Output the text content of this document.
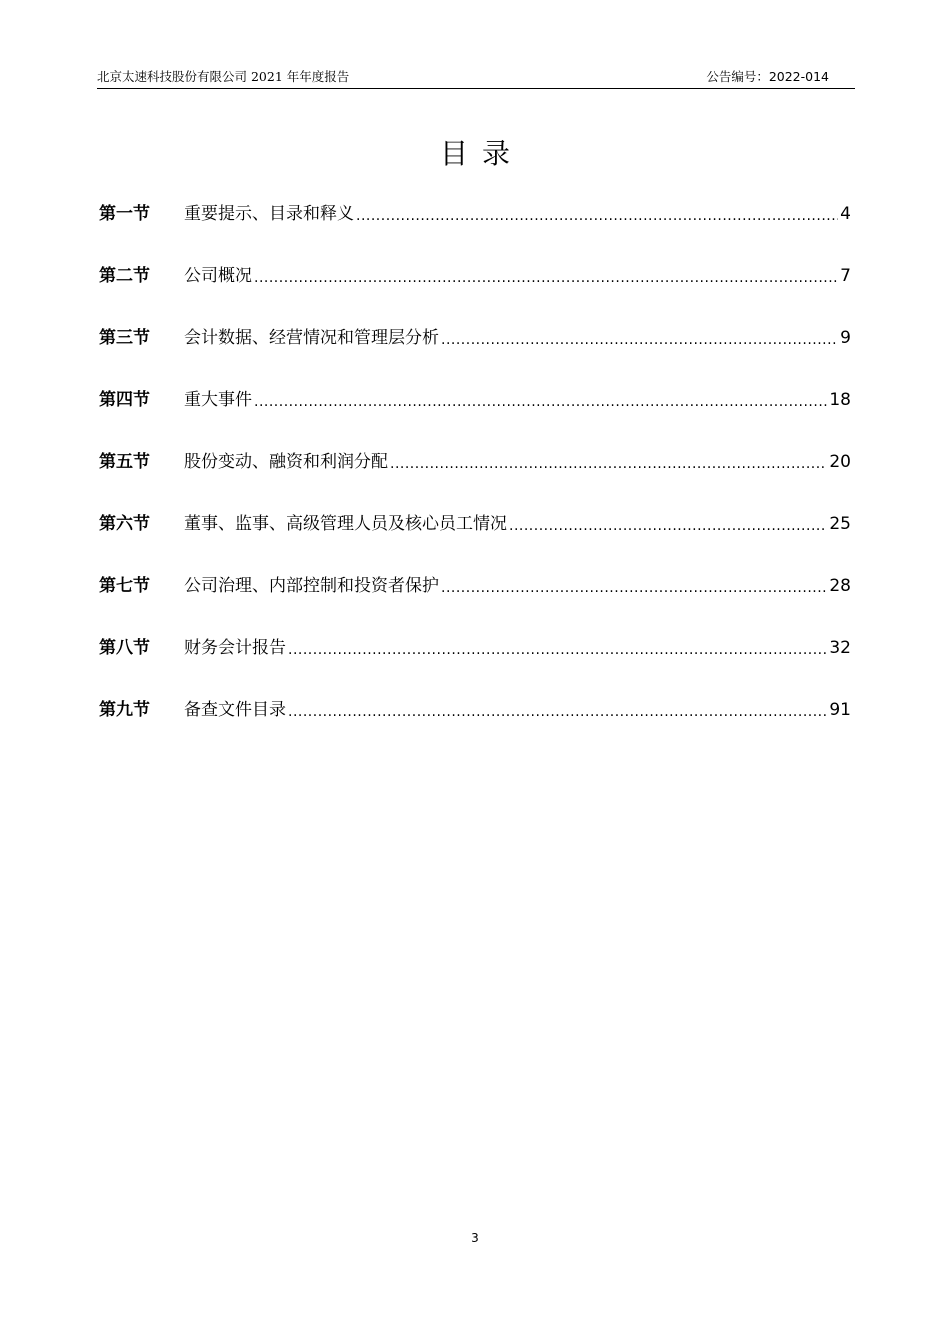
北京太速科技股份有限公司 2021 年年度报告	公告编号：2022-014
目录
第一节	重要提示、目录和释义 .....	4
第二节	公司概况 .....	7
第三节	会计数据、经营情况和管理层分析 .....	9
第四节	重大事件 .....	18
第五节	股份变动、融资和利润分配 .....	20
第六节	董事、监事、高级管理人员及核心员工情况 .....	25
第七节	公司治理、内部控制和投资者保护 .....	28
第八节	财务会计报告 .....	32
第九节	备查文件目录 .....	91
3
